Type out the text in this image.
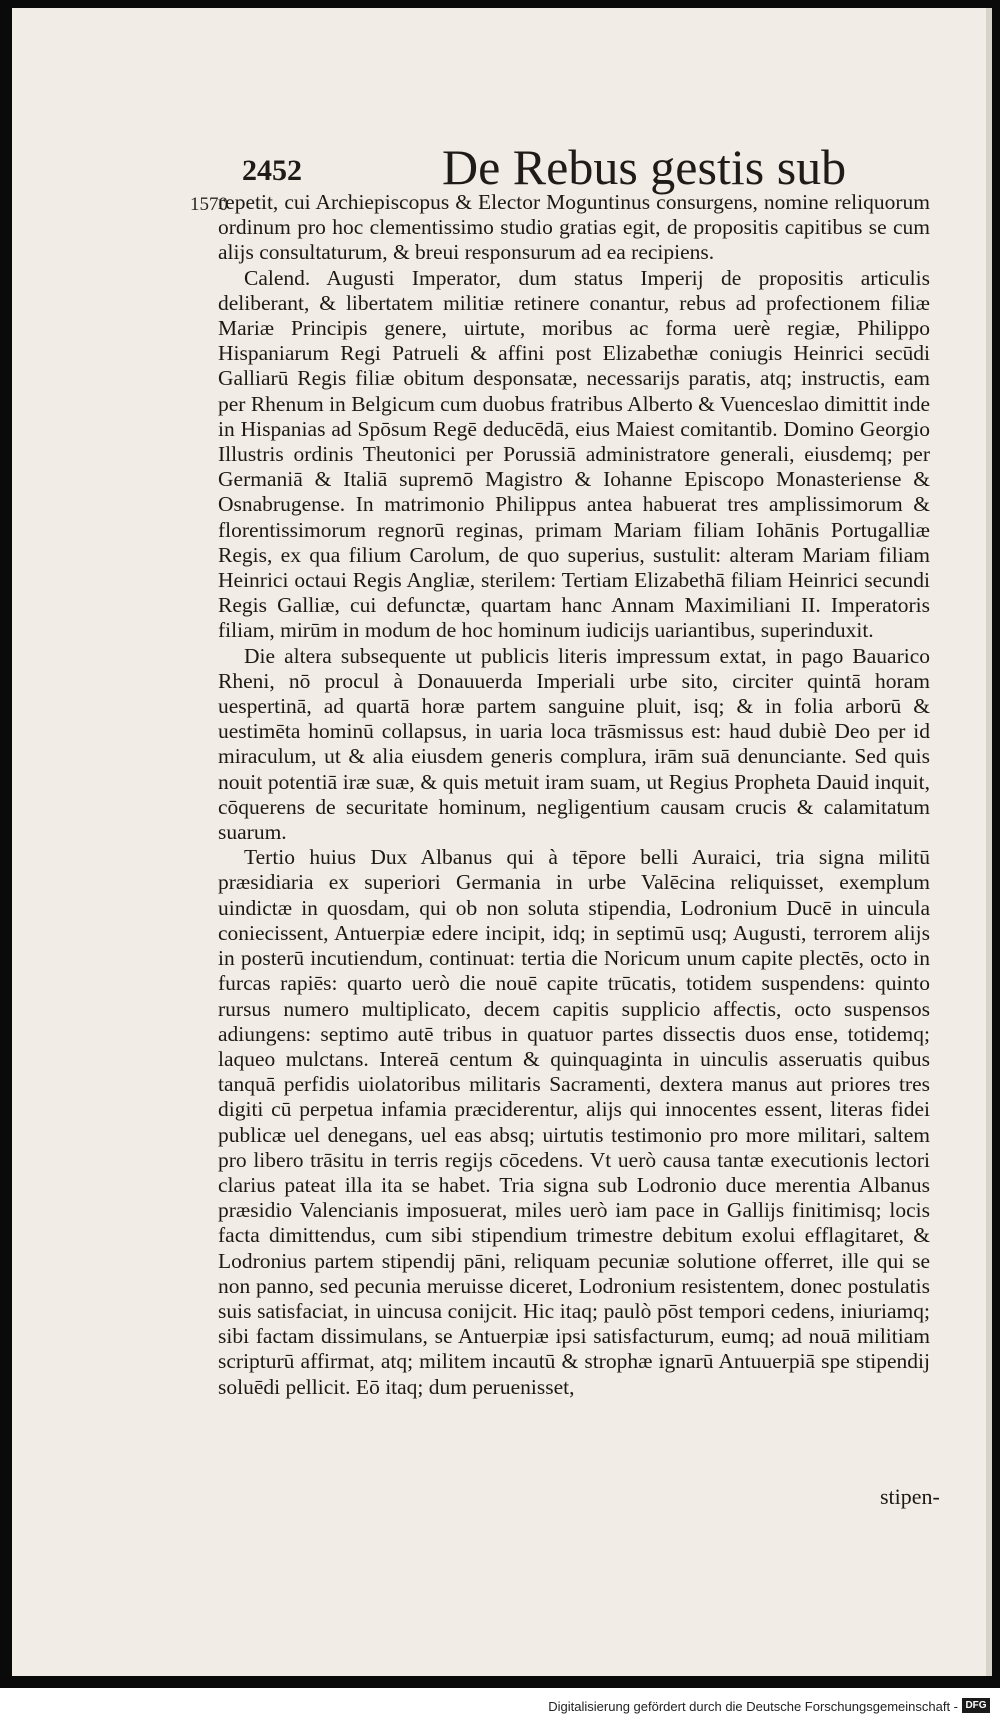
2452	De Rebus gestis sub
1570

repetit, cui Archiepiscopus & Elector Moguntinus consurgens, nomine reliquorum ordinum pro hoc clementissimo studio gratias egit, de propositis capitibus se cum alijs consultaturum, & breui responsurum ad ea recipiens.

Calend. Augusti Imperator, dum status Imperij de propositis articulis deliberant, & libertatem militiæ retinere conantur, rebus ad profectionem filiæ Mariæ Principis genere, uirtute, moribus ac forma uerè regiæ, Philippo Hispaniarum Regi Patrueli & affini post Elizabethæ coniugis Heinrici secūdi Galliarū Regis filiæ obitum desponsatæ, necessarijs paratis, atq; instructis, eam per Rhenum in Belgicum cum duobus fratribus Alberto & Vuenceslao dimittit inde in Hispanias ad Spōsum Regē deducēdā, eius Maiest comitantib. Domino Georgio Illustris ordinis Theutonici per Porussiā administratore generali, eiusdemq; per Germaniā & Italiā supremō Magistro & Iohanne Episcopo Monasteriense & Osnabrugense. In matrimonio Philippus antea habuerat tres amplissimorum & florentissimorum regnorū reginas, primam Mariam filiam Iohānis Portugalliæ Regis, ex qua filium Carolum, de quo superius, sustulit: alteram Mariam filiam Heinrici octaui Regis Angliæ, sterilem: Tertiam Elizabethā filiam Heinrici secundi Regis Galliæ, cui defunctæ, quartam hanc Annam Maximiliani II. Imperatoris filiam, mirūm in modum de hoc hominum iudicijs uariantibus, superinduxit.

Die altera subsequente ut publicis literis impressum extat, in pago Bauarico Rheni, nō procul à Donauuerda Imperiali urbe sito, circiter quintā horam uespertinā, ad quartā horæ partem sanguine pluit, isq; & in folia arborū & uestimēta hominū collapsus, in uaria loca trāsmissus est: haud dubiè Deo per id miraculum, ut & alia eiusdem generis complura, irām suā denunciante. Sed quis nouit potentiā iræ suæ, & quis metuit iram suam, ut Regius Propheta Dauid inquit, cōquerens de securitate hominum, negligentium causam crucis & calamitatum suarum.

Tertio huius Dux Albanus qui à tēpore belli Auraici, tria signa militū præsidiaria ex superiori Germania in urbe Valēcina reliquisset, exemplum uindictæ in quosdam, qui ob non soluta stipendia, Lodronium Ducē in uincula coniecissent, Antuerpiæ edere incipit, idq; in septimū usq; Augusti, terrorem alijs in posterū incutiendum, continuat: tertia die Noricum unum capite plectēs, octo in furcas rapiēs: quarto uerò die nouē capite trūcatis, totidem suspendens: quinto rursus numero multiplicato, decem capitis supplicio affectis, octo suspensos adiungens: septimo autē tribus in quatuor partes dissectis duos ense, totidemq; laqueo mulctans. Intereā centum & quinquaginta in uinculis asseruatis quibus tanquā perfidis uiolatoribus militaris Sacramenti, dextera manus aut priores tres digiti cū perpetua infamia præciderentur, alijs qui innocentes essent, literas fidei publicæ uel denegans, uel eas absq; uirtutis testimonio pro more militari, saltem pro libero trāsitu in terris regijs cōcedens. Vt uerò causa tantæ executionis lectori clarius pateat illa ita se habet. Tria signa sub Lodronio duce merentia Albanus præsidio Valencianis imposuerat, miles uerò iam pace in Gallijs finitimisq; locis facta dimittendus, cum sibi stipendium trimestre debitum exolui efflagitaret, & Lodronius partem stipendij pāni, reliquam pecuniæ solutione offerret, ille qui se non panno, sed pecunia meruisse diceret, Lodronium resistentem, donec postulatis suis satisfaciat, in uincusa conijcit. Hic itaq; paulò pōst tempori cedens, iniuriamq; sibi factam dissimulans, se Antuerpiæ ipsi satisfacturum, eumq; ad nouā militiam scripturū affirmat, atq; militem incautū & strophæ ignarū Antuuerpiā spe stipendij soluēdi pellicit. Eō itaq; dum peruenisset,

stipen-
Digitalisierung gefördert durch die Deutsche Forschungsgemeinschaft - DFG
